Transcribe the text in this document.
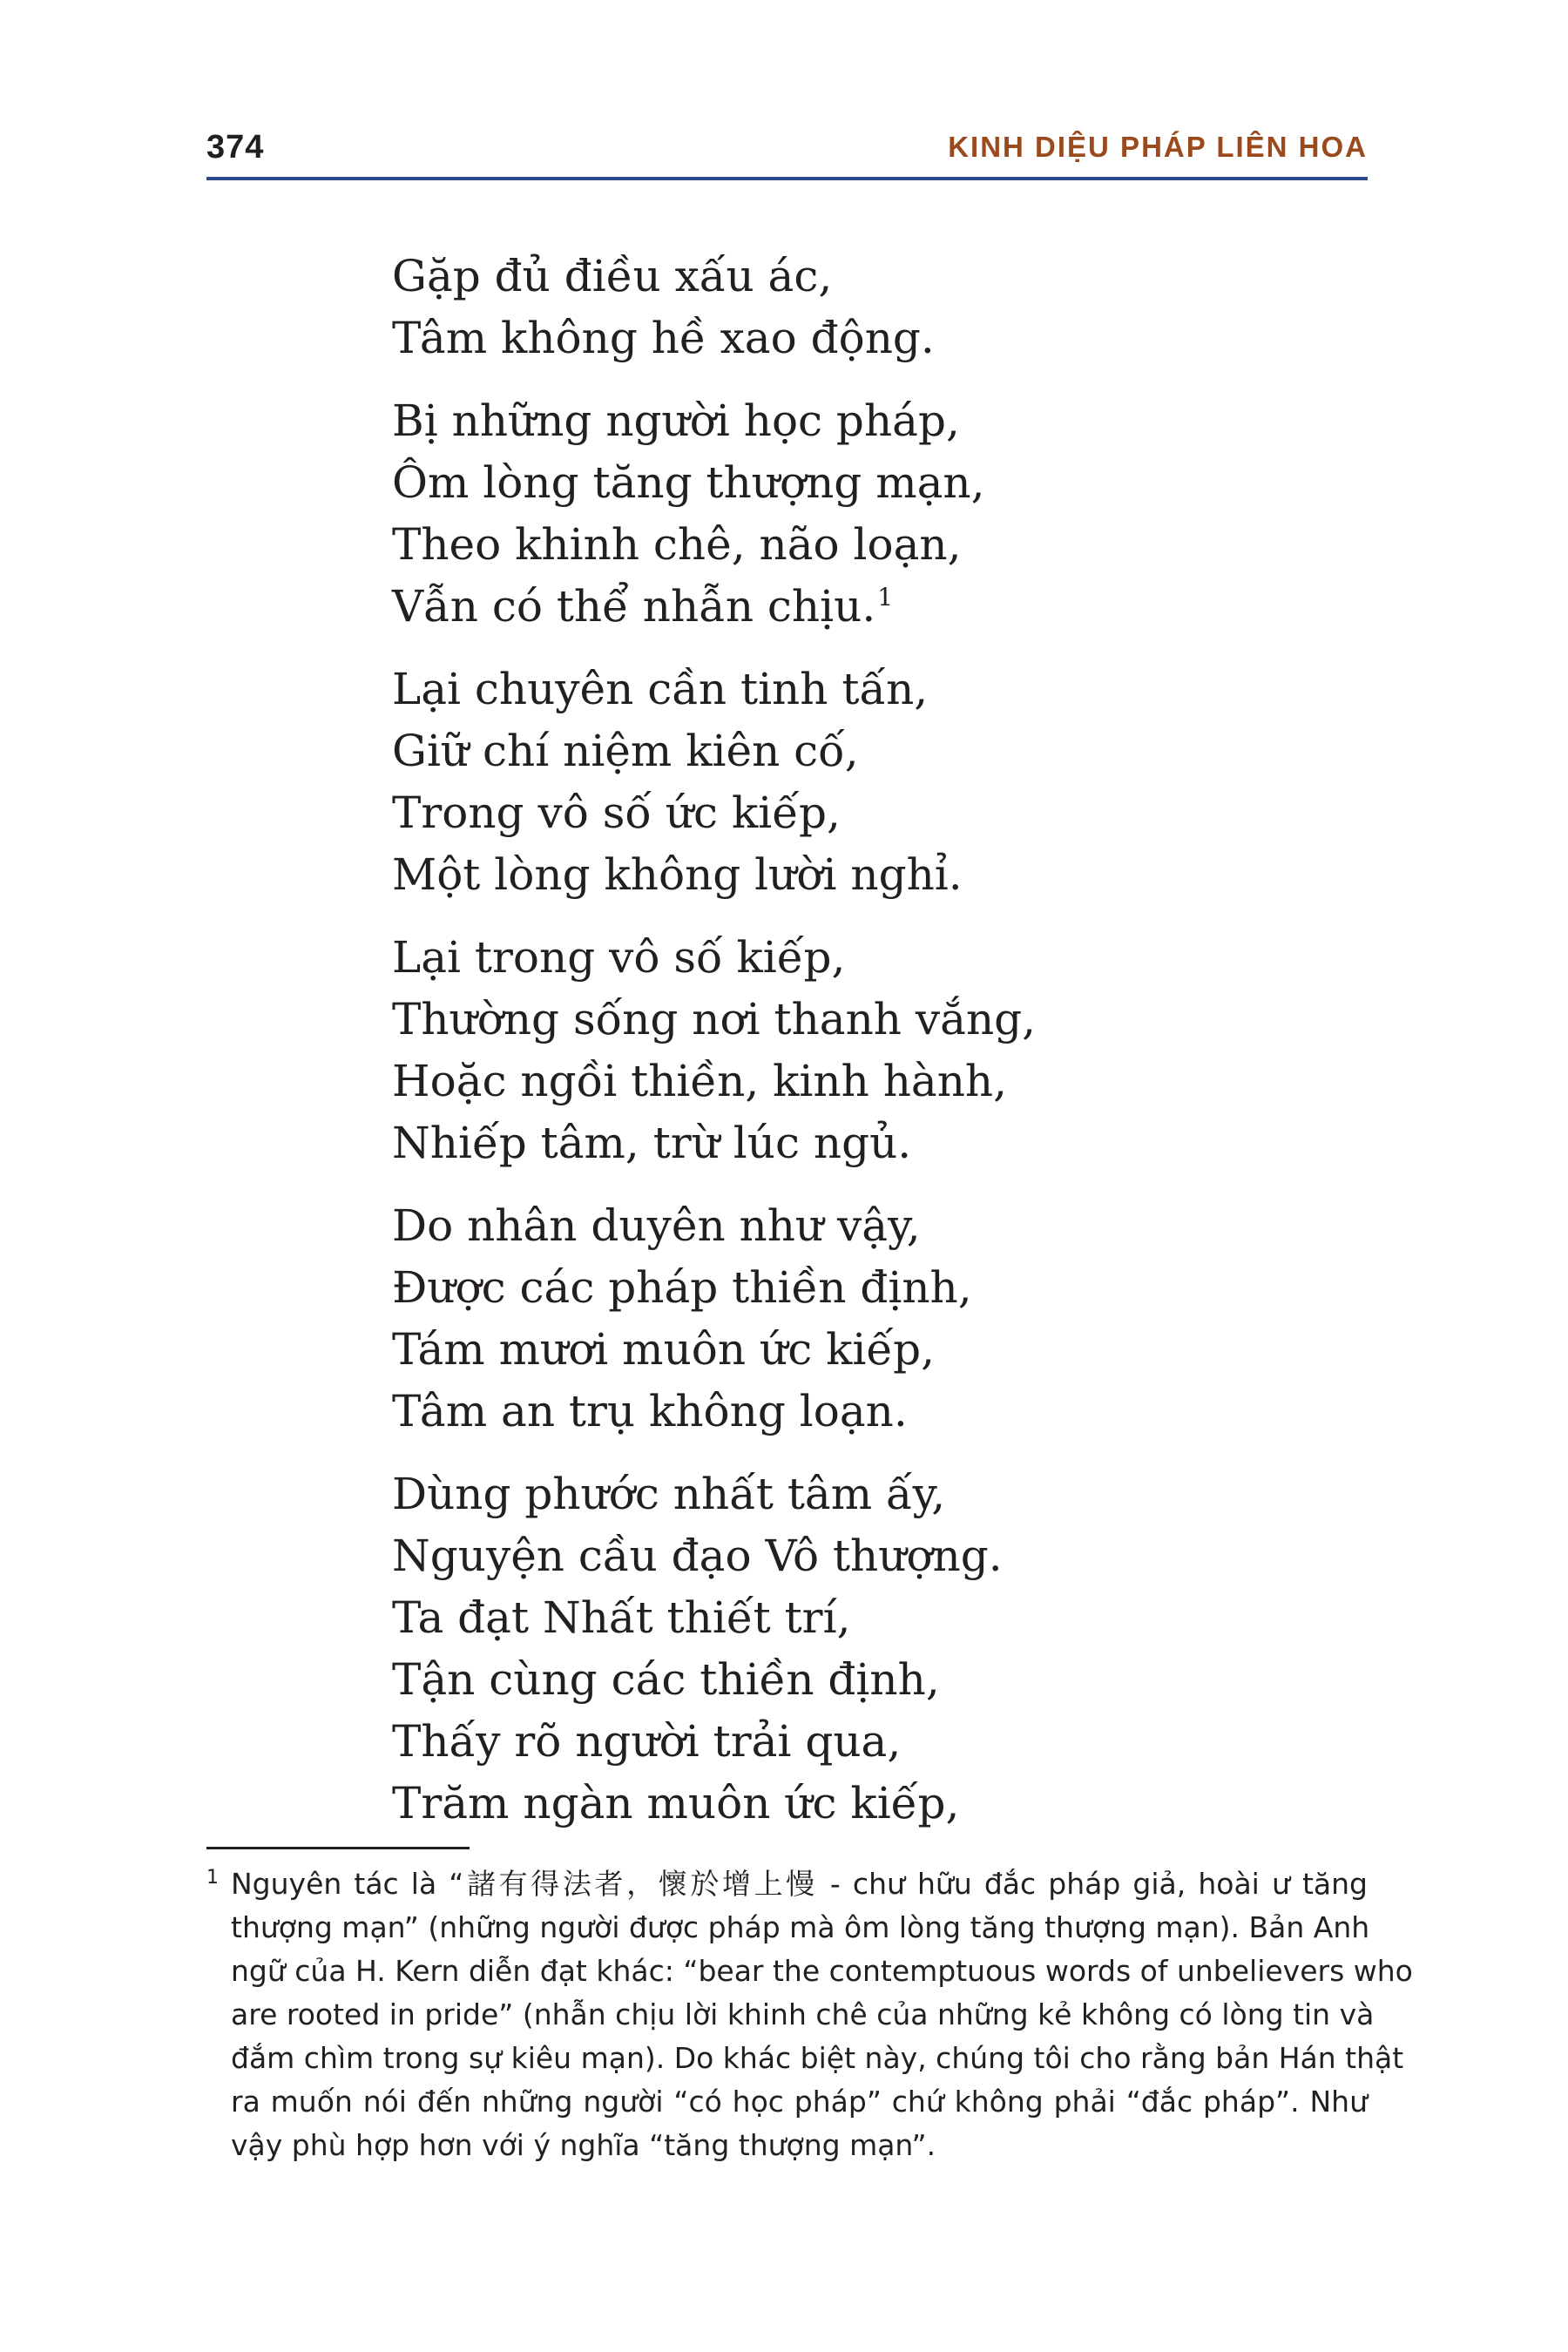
374	KINH DIỆU PHÁP LIÊN HOA
Gặp đủ điều xấu ác,
Tâm không hề xao động.
Bị những người học pháp,
Ôm lòng tăng thượng mạn,
Theo khinh chê, não loạn,
Vẫn có thể nhẫn chịu.$^1$
Lại chuyên cần tinh tấn,
Giữ chí niệm kiên cố,
Trong vô số ức kiếp,
Một lòng không lười nghỉ.
Lại trong vô số kiếp,
Thường sống nơi thanh vắng,
Hoặc ngồi thiền, kinh hành,
Nhiếp tâm, trừ lúc ngủ.
Do nhân duyên như vậy,
Được các pháp thiền định,
Tám mươi muôn ức kiếp,
Tâm an trụ không loạn.
Dùng phước nhất tâm ấy,
Nguyện cầu đạo Vô thượng.
Ta đạt Nhất thiết trí,
Tận cùng các thiền định,
Thấy rõ người trải qua,
Trăm ngàn muôn ức kiếp,
$^1$ Nguyên tác là “諸有得法者，懷於增上慢 - chư hữu đắc pháp giả, hoài ư tăng
thượng mạn” (những người được pháp mà ôm lòng tăng thượng mạn). Bản Anh
ngữ của H. Kern diễn đạt khác: “bear the contemptuous words of unbelievers who
are rooted in pride” (nhẫn chịu lời khinh chê của những kẻ không có lòng tin và
đắm chìm trong sự kiêu mạn). Do khác biệt này, chúng tôi cho rằng bản Hán thật
ra muốn nói đến những người “có học pháp” chứ không phải “đắc pháp”. Như
vậy phù hợp hơn với ý nghĩa “tăng thượng mạn”.
